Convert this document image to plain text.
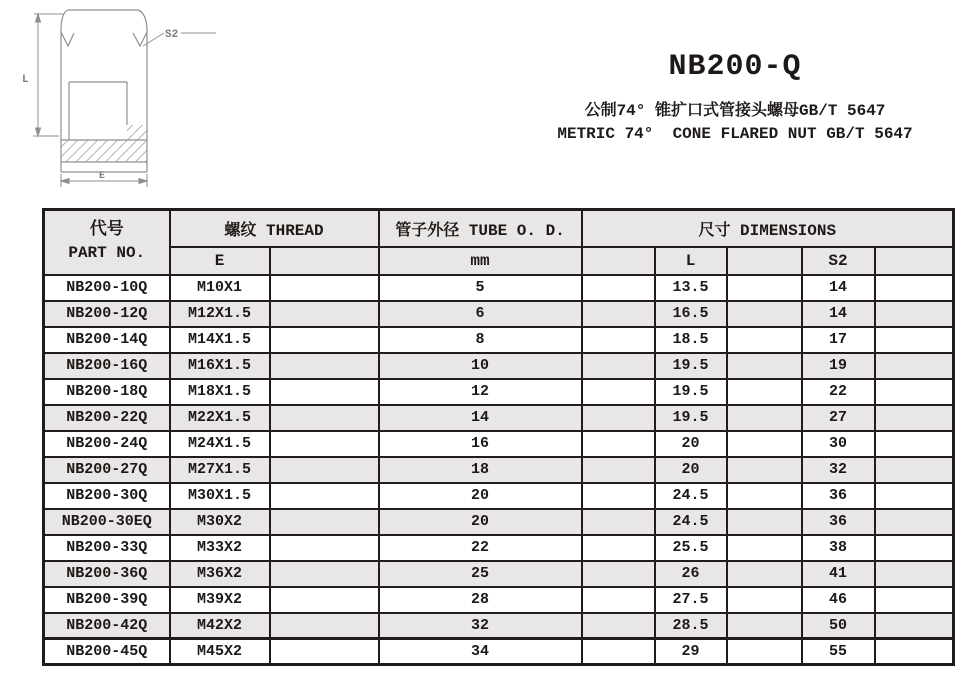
L
E
S2
NB200-Q
公制74° 锥扩口式管接头螺母GB/T 5647
METRIC 74°  CONE FLARED NUT GB/T 5647
代号
PART NO.	螺纹 THREAD		管子外径 TUBE O. D.	尺寸 DIMENSIONS				
	E		mm		L		S2	
NB200-10Q	M10X1		5		13.5		14	
NB200-12Q	M12X1.5		6		16.5		14	
NB200-14Q	M14X1.5		8		18.5		17	
NB200-16Q	M16X1.5		10		19.5		19	
NB200-18Q	M18X1.5		12		19.5		22	
NB200-22Q	M22X1.5		14		19.5		27	
NB200-24Q	M24X1.5		16		20		30	
NB200-27Q	M27X1.5		18		20		32	
NB200-30Q	M30X1.5		20		24.5		36	
NB200-30EQ	M30X2		20		24.5		36	
NB200-33Q	M33X2		22		25.5		38	
NB200-36Q	M36X2		25		26		41	
NB200-39Q	M39X2		28		27.5		46	
NB200-42Q	M42X2		32		28.5		50	
NB200-45Q	M45X2		34		29		55	
